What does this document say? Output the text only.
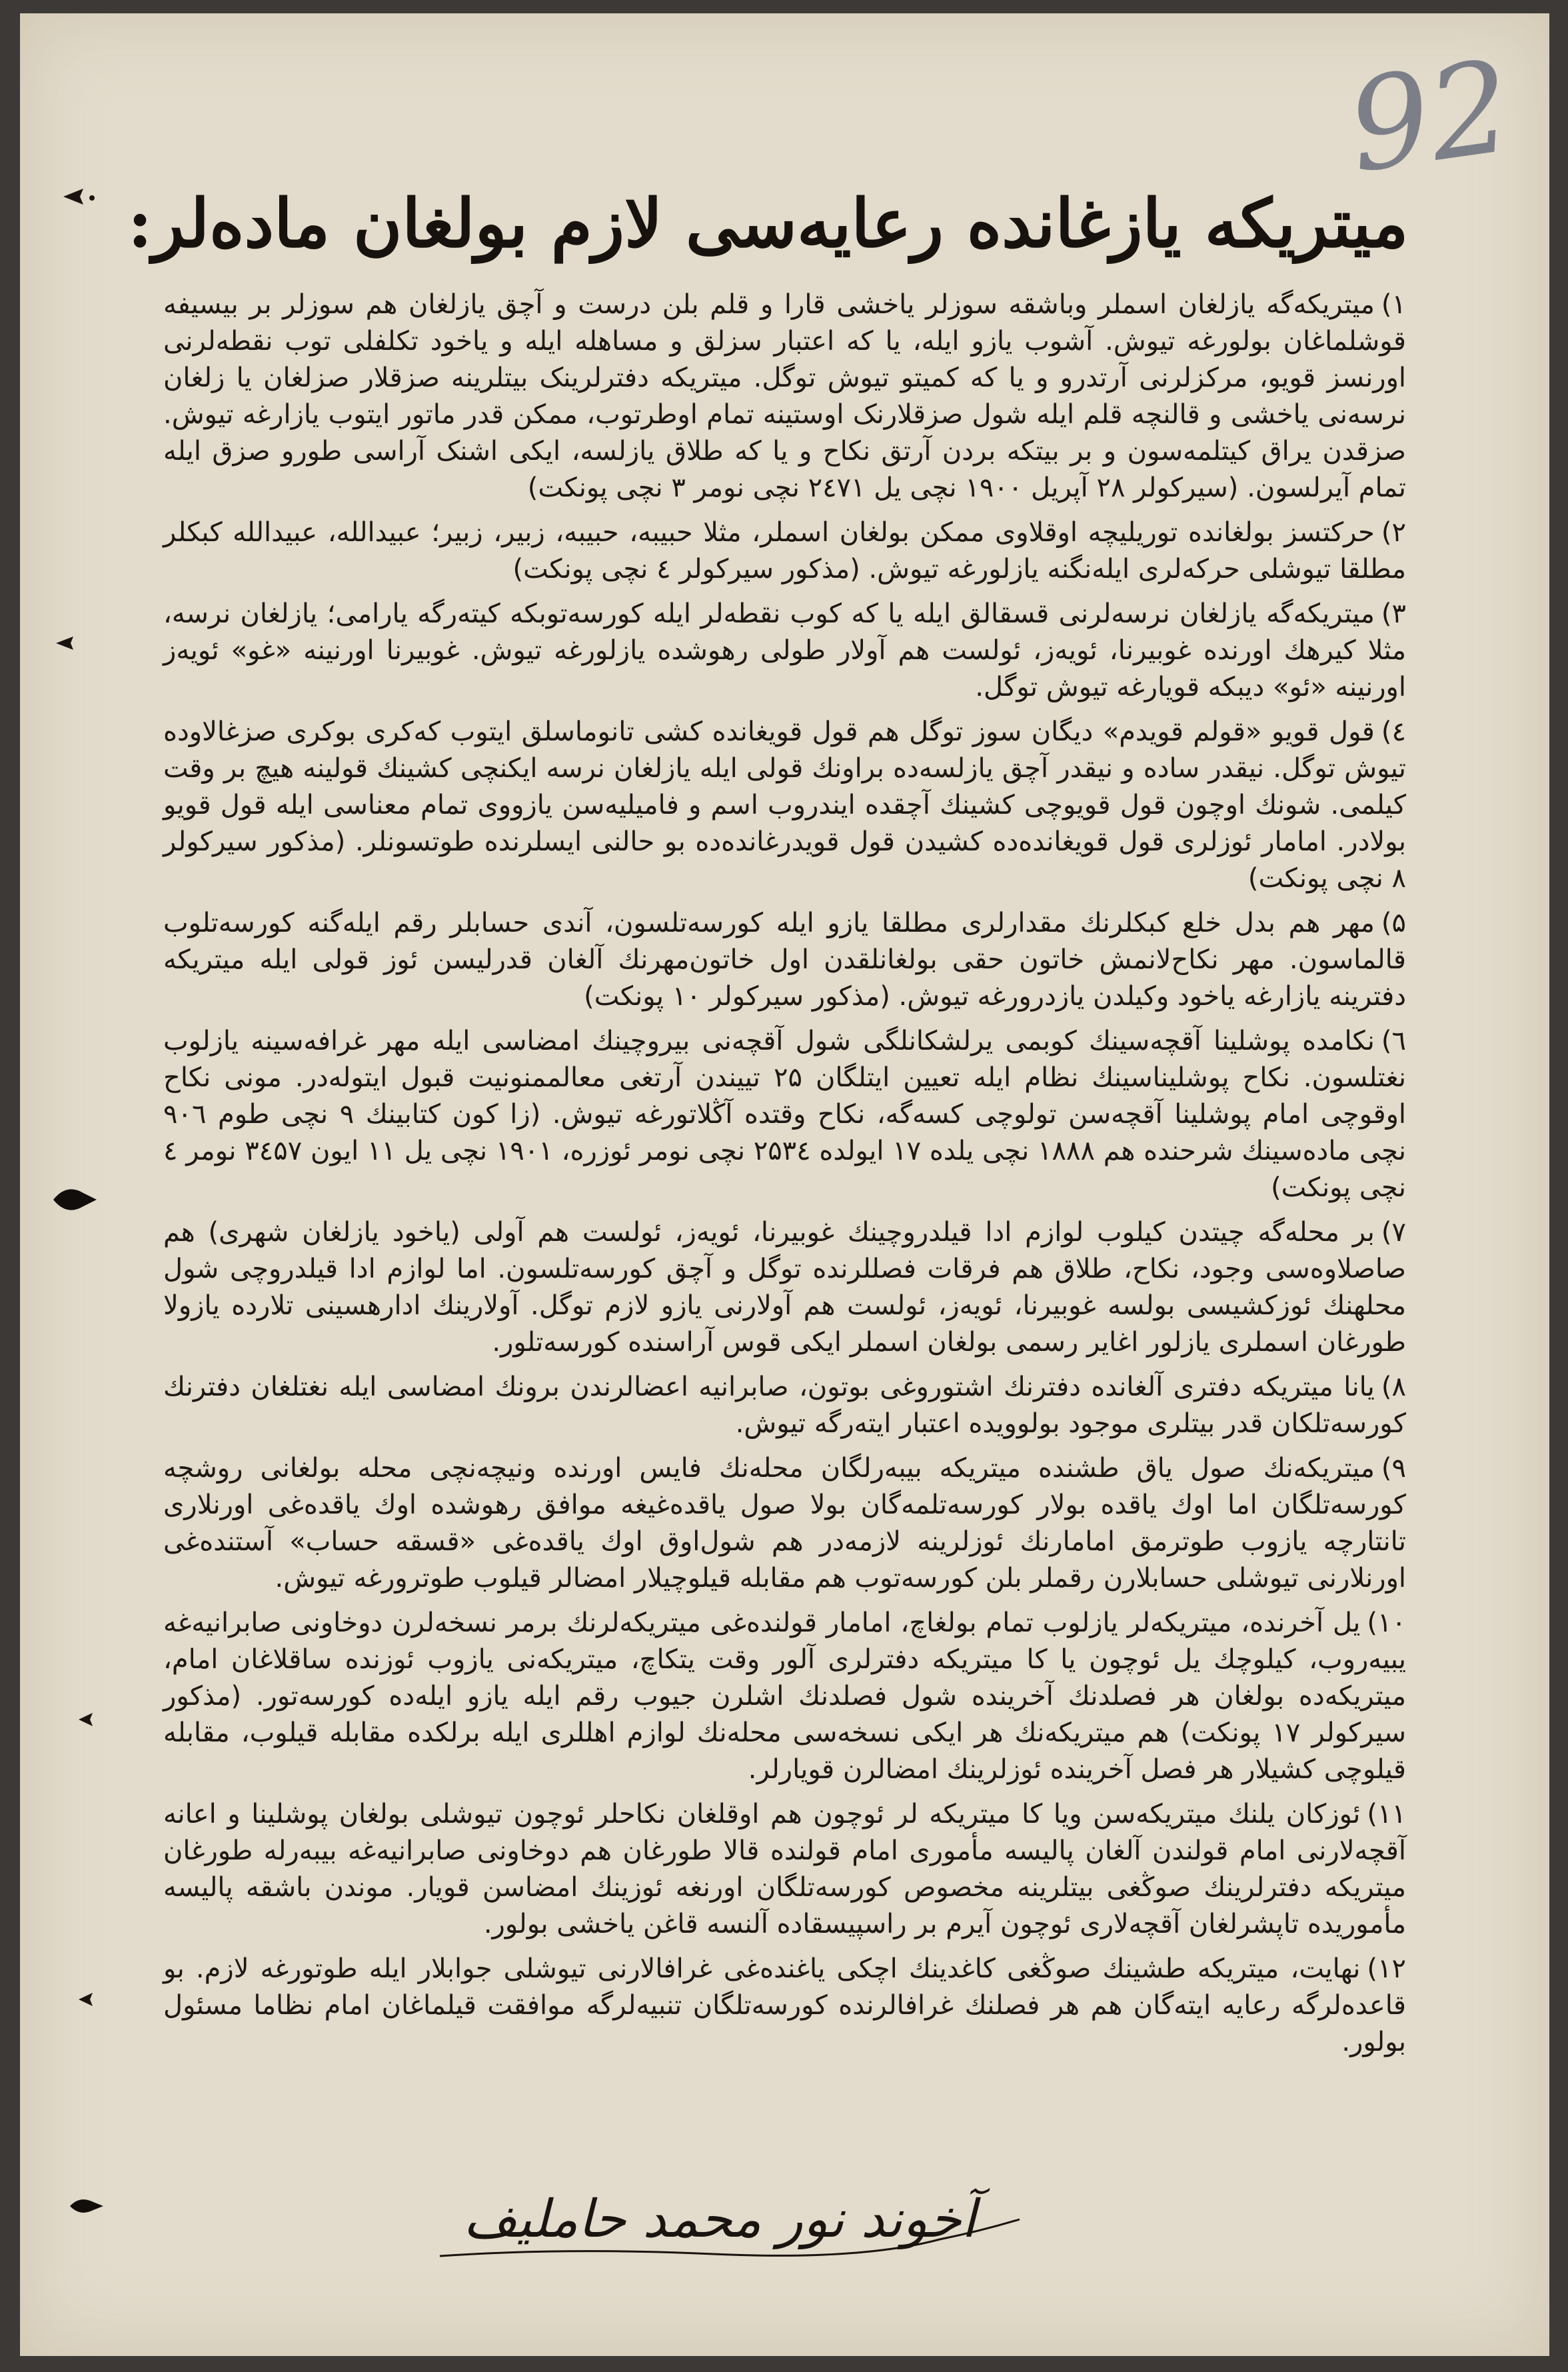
92
میتریکه یازغانده رعایه‌سی لازم بولغان ماده‌لر:

۱)میتریکه‌گه یازلغان اسملر وباشقه سوزلر یاخشی قارا و قلم بلن درست و آچق یازلغان هم سوزلر بر بیسیفه قوشلماغان بولورغه تیوش. آشوب یازو ایله، یا که اعتبار سزلق و مساهله ایله و یاخود تکلفلی توب نقطه‌لرنی اورنسز قویو، مرکزلرنی آرتدرو و یا که کمیتو تیوش توگل. میتریکه دفترلرینک بیتلرینه صزقلار صزلغان یا زلغان نرسه‌نی یاخشی و قالنچه قلم ایله شول صزقلارنک اوستینه تمام اوطرتوب، ممکن قدر ماتور ایتوب یازارغه تیوش. صزقدن یراق کیتلمه‌سون و بر بیتکه بردن آرتق نکاح و یا که طلاق یازلسه، ایکی اشنک آراسی طورو صزق ایله تمام آیرلسون. (سیرکولر ۲۸ آپریل ۱۹۰۰ نچی یل ۲٤۷۱ نچی نومر ۳ نچی پونکت)

۲)حرکتسز بولغانده توریلیچه اوقلاوی ممکن بولغان اسملر، مثلا حبیبه، حبیبه، زبیر، زبیر؛ عبیدالله، عبیدالله کبکلر مطلقا تیوشلی حرکه‌لری ایله‌نگنه یازلورغه تیوش. (مذکور سیرکولر ٤ نچی پونکت)

۳)میتریکه‌گه یازلغان نرسه‌لرنی قسقالق ایله یا که کوب نقطه‌لر ایله کورسه‌توبکه کیته‌رگه یارامی؛ یازلغان نرسه، مثلا کیرهك اورنده غوبیرنا، ئویه‌ز، ئولست هم آولار طولی رهوشده یازلورغه تیوش. غوبیرنا اورنینه «غو» ئویه‌ز اورنینه «ئو» دیبکه قویارغه تیوش توگل.

٤)قول قویو «قولم قویدم» دیگان سوز توگل هم قول قویغانده کشی تانوماسلق ایتوب که‌کری بوکری صزغالاوده تیوش توگل. نیقدر ساده و نیقدر آچق یازلسه‌ده براونك قولی ایله یازلغان نرسه ایکنچی کشینك قولینه هیچ بر وقت کیلمی. شونك اوچون قول قویوچی کشینك آچقده ایندروب اسم و فامیلیه‌سن یازووی تمام معناسی ایله قول قویو بولادر. امامار ئوزلری قول قویغانده‌ده کشیدن قول قویدرغانده‌ده بو حالنی ایسلرنده طوتسونلر. (مذکور سیرکولر ۸ نچی پونکت)

۵)مهر هم بدل خلع کبکلرنك مقدارلری مطلقا یازو ایله کورسه‌تلسون، آندی حسابلر رقم ایله‌گنه کورسه‌تلوب قالماسون. مهر نکاح‌لانمش خاتون حقی بولغانلقدن اول خاتون‌مهرنك آلغان قدرلیسن ئوز قولی ایله میتریکه دفترینه یازارغه یاخود وکیلدن یازدرورغه تیوش. (مذکور سیرکولر ۱۰ پونکت)

٦)نکامده پوشلینا آقچه‌سینك کوبمی یرلشکانلگی شول آقچه‌نی بیروچینك امضاسی ایله مهر غرافه‌سینه یازلوب نغتلسون. نکاح پوشلینا‌سینك نظام ایله تعیین ایتلگان ۲۵ تییندن آرتغی معالممنونیت قبول ایتوله‌در. مونی نکاح اوقوچی امام پوشلینا آقچه‌سن تولوچی کسه‌گه، نکاح وقتده آ‌ڭلاتورغه تیوش. (زا کون کتابینك ۹ نچی طوم ۹۰٦ نچی ماده‌سینك شرحنده هم ۱۸۸۸ نچی یلده ۱۷ ایولده ۲۵۳٤ نچی نومر ئوزره، ۱۹۰۱ نچی یل ۱۱ ایون ۳٤۵۷ نومر ٤ نچی پونکت)

۷)بر محله‌گه چیتدن کیلوب لوازم ادا قیلدروچینك غوبیرنا، ئویه‌ز، ئولست هم آولی (یاخود یازلغان شهری) هم صاصلاوه‌سی وجود، نکاح، طلاق هم فرقات فصللرنده توگل و آچق کورسه‌تلسون. اما لوازم ادا قیلدروچی شول محلهنك ئوزکشیسی بولسه غوبیرنا، ئویه‌ز، ئولست هم آولارنی یازو لازم توگل. آولارینك ادارهسینی تلارده یازولا طورغان اسملری یازلور اغایر رسمی بولغان اسملر ایکی قوس آراسنده کورسه‌تلور.

۸)یانا میتریکه دفتری آلغانده دفترنك اشتوروغی بوتون، صابرانیه اعضالرندن برونك امضاسی ایله نغتلغان دفترنك کورسه‌تلکان قدر بیتلری موجود بولوویده اعتبار ایته‌رگه تیوش.

۹)میتریکه‌نك صول یاق طشنده میتریکه بیبه‌رلگان محله‌نك فایس اورنده ونیچه‌نچی محله بولغانی روشچه کورسه‌تلگان اما اوك یاقده بولار کورسه‌تلمه‌گان بولا صول یاقده‌غیغه موافق رهوشده اوك یاقده‌غی اورنلاری تانتارچه یازوب طوترمق امامارنك ئوزلرینه لازمه‌در هم شول‌اوق اوك یاقده‌غی «قسقه حساب» آستنده‌غی اورنلارنی تیوشلی حسابلارن رقملر بلن کورسه‌توب هم مقابله قیلوچیلار امضالر قیلوب طوترورغه تیوش.

۱۰)یل آخرنده، میتریکه‌لر یازلوب تمام بولغاچ، امامار قولنده‌غی میتریکه‌لرنك برمر نسخه‌لرن دوخاونی صابرانیه‌غه یبیه‌روب، کیلوچك یل ئوچون یا کا میتریکه دفترلری آلور وقت یتکاچ، میتریکه‌نی یازوب ئوزنده ساقلاغان امام، میتریکه‌ده بولغان هر فصلدنك آخرینده شول فصلدنك اشلرن جیوب رقم ایله یازو ایله‌ده کورسه‌تور. (مذکور سیرکولر ۱۷ پونکت) هم میتریکه‌نك هر ایکی نسخه‌سی محله‌نك لوازم اهللری ایله برلکده مقابله قیلوب، مقابله قیلوچی کشیلار هر فصل آخرینده ئوزلرینك امضالرن قویارلر.

۱۱)ئوزکان یلنك میتریکه‌سن ویا کا میتریکه لر ئوچون هم اوقلغان نکاحلر ئوچون تیوشلی بولغان پوشلینا و اعانه آقچه‌لارنی امام قولندن آلغان پالیسه مأموری امام قولنده قالا طورغان هم دوخاونی صابرانیه‌غه بیبه‌رله طورغان میتریکه دفترلرینك صوڭغی بیتلرینه مخصوص کورسه‌تلگان اورنغه ئوزینك امضاسن قویار. موندن باشقه پالیسه مأموریده تاپشرلغان آقچه‌لاری ئوچون آیرم بر راسپیسقاده آلنسه قاغن یاخشی بولور.

۱۲)نهایت، میتریکه طشینك صوڭغی کاغدینك اچکی یاغنده‌غی غرافالارنی تیوشلی جوابلار ایله طوتورغه لازم. بو قاعده‌لرگه رعایه ایته‌گان هم هر فصلنك غرافالرنده کورسه‌تلگان تنبیه‌لرگه موافقت قیلماغان امام نظاما مسئول بولور.

آخوند نور محمد حاملیف
